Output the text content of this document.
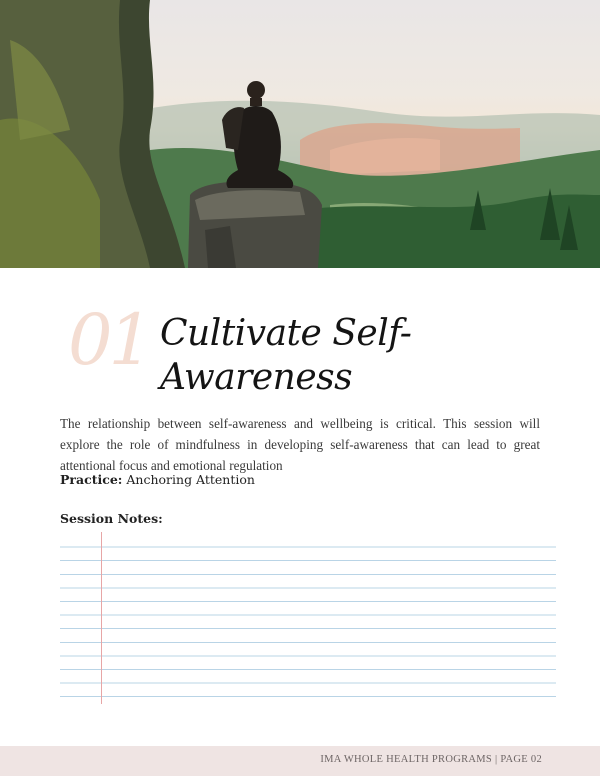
01 Cultivate Self-Awareness

The relationship between self-awareness and wellbeing is critical. This session will explore the role of mindfulness in developing self-awareness that can lead to great attentional focus and emotional regulation

Practice: Anchoring Attention
Session Notes:
IMA WHOLE HEALTH PROGRAMS | PAGE 02
